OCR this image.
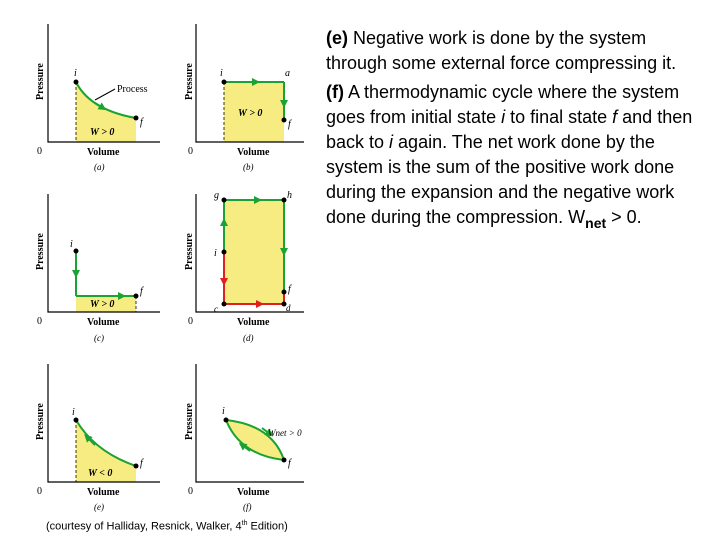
i
f
Process
W > 0
Pressure
0	Volume
(a)
i	a
f
W > 0
Pressure
0	Volume
(b)
i
f
W > 0
Pressure
0	Volume
(c)
g	h
i
c
f
d
Pressure
0	Volume
(d)
i
f
W < 0
Pressure
0	Volume
(e)
i
f
Wnet > 0
Pressure
0	Volume
(f)
(courtesy of Halliday, Resnick, Walker, 4th Edition)

(e) Negative work is done by the system through some external force compressing it.

(f) A thermodynamic cycle where the system goes from initial state i to final state f and then back to i again. The net work done by the system is the sum of the positive work done during the expansion and the negative work done during the compression. $W_{net} > 0$.
